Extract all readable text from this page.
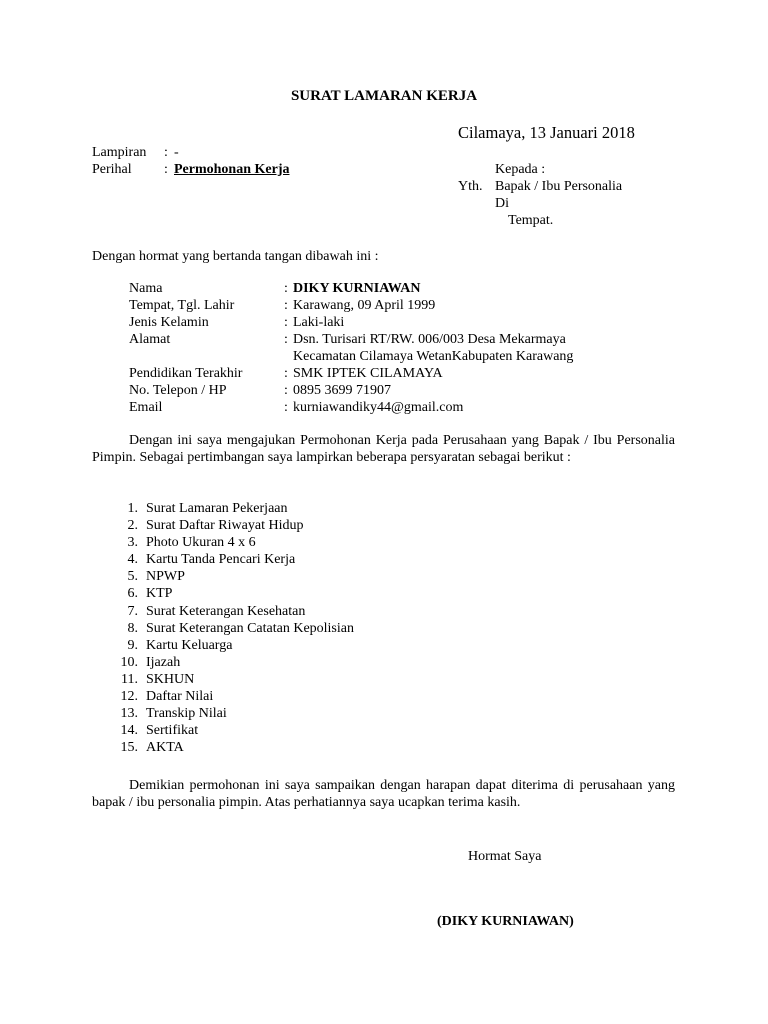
SURAT LAMARAN KERJA
Cilamaya, 13 Januari 2018
Lampiran : -
Perihal : Permohonan Kerja	Kepada :
Yth. Bapak / Ibu Personalia
Di
Tempat.
Dengan hormat yang bertanda tangan dibawah ini :
Nama	: DIKY KURNIAWAN
Tempat, Tgl. Lahir	: Karawang, 09 April 1999
Jenis Kelamin	: Laki-laki
Alamat	: Dsn. Turisari RT/RW. 006/003 Desa Mekarmaya
Kecamatan Cilamaya WetanKabupaten Karawang
Pendidikan Terakhir	: SMK IPTEK CILAMAYA
No. Telepon / HP	: 0895 3699 71907
Email	: kurniawandiky44@gmail.com
Dengan ini saya mengajukan Permohonan Kerja pada Perusahaan yang Bapak / Ibu Personalia Pimpin. Sebagai pertimbangan saya lampirkan beberapa persyaratan sebagai berikut :
1. Surat Lamaran Pekerjaan
2. Surat Daftar Riwayat Hidup
3. Photo Ukuran 4 x 6
4. Kartu Tanda Pencari Kerja
5. NPWP
6. KTP
7. Surat Keterangan Kesehatan
8. Surat Keterangan Catatan Kepolisian
9. Kartu Keluarga
10. Ijazah
11. SKHUN
12. Daftar Nilai
13. Transkip Nilai
14. Sertifikat
15. AKTA
Demikian permohonan ini saya sampaikan dengan harapan dapat diterima di perusahaan yang bapak / ibu personalia pimpin. Atas perhatiannya saya ucapkan terima kasih.
Hormat Saya
(DIKY KURNIAWAN)
